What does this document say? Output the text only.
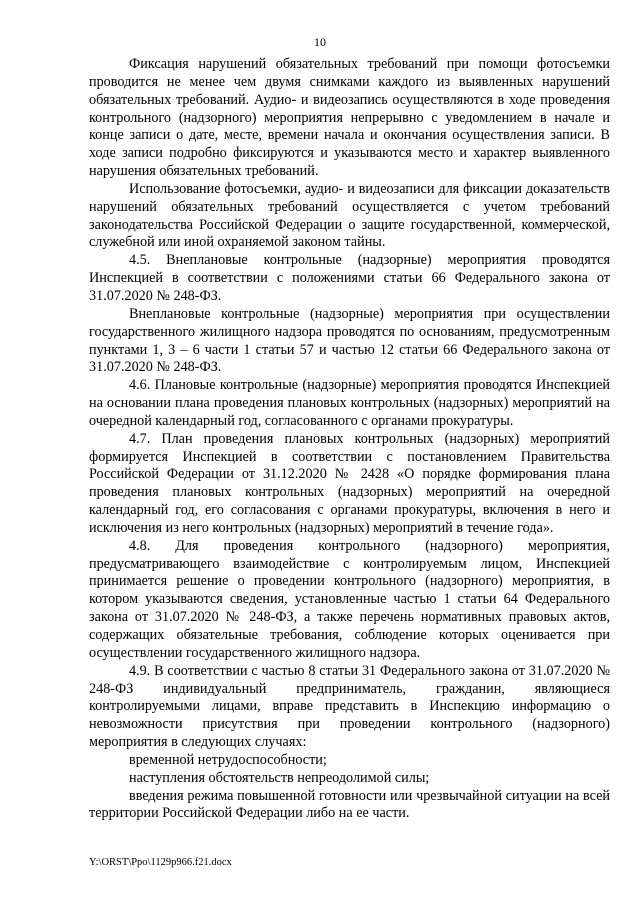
10

Фиксация нарушений обязательных требований при помощи фотосъемки проводится не менее чем двумя снимками каждого из выявленных нарушений обязательных требований. Аудио- и видеозапись осуществляются в ходе проведения контрольного (надзорного) мероприятия непрерывно с уведомлением в начале и конце записи о дате, месте, времени начала и окончания осуществления записи. В ходе записи подробно фиксируются и указываются место и характер выявленного нарушения обязательных требований.

Использование фотосъемки, аудио- и видеозаписи для фиксации доказательств нарушений обязательных требований осуществляется с учетом требований законодательства Российской Федерации о защите государственной, коммерческой, служебной или иной охраняемой законом тайны.

4.5. Внеплановые контрольные (надзорные) мероприятия проводятся Инспекцией в соответствии с положениями статьи 66 Федерального закона от 31.07.2020 № 248-ФЗ.

Внеплановые контрольные (надзорные) мероприятия при осуществлении государственного жилищного надзора проводятся по основаниям, предусмотренным пунктами 1, 3 – 6 части 1 статьи 57 и частью 12 статьи 66 Федерального закона от 31.07.2020 № 248-ФЗ.

4.6. Плановые контрольные (надзорные) мероприятия проводятся Инспекцией на основании плана проведения плановых контрольных (надзорных) мероприятий на очередной календарный год, согласованного с органами прокуратуры.

4.7. План проведения плановых контрольных (надзорных) мероприятий формируется Инспекцией в соответствии с постановлением Правительства Российской Федерации от 31.12.2020 № 2428 «О порядке формирования плана проведения плановых контрольных (надзорных) мероприятий на очередной календарный год, его согласования с органами прокуратуры, включения в него и исключения из него контрольных (надзорных) мероприятий в течение года».

4.8. Для проведения контрольного (надзорного) мероприятия, предусматривающего взаимодействие с контролируемым лицом, Инспекцией принимается решение о проведении контрольного (надзорного) мероприятия, в котором указываются сведения, установленные частью 1 статьи 64 Федерального закона от 31.07.2020 № 248-ФЗ, а также перечень нормативных правовых актов, содержащих обязательные требования, соблюдение которых оценивается при осуществлении государственного жилищного надзора.

4.9. В соответствии с частью 8 статьи 31 Федерального закона от 31.07.2020 № 248-ФЗ индивидуальный предприниматель, гражданин, являющиеся контролируемыми лицами, вправе представить в Инспекцию информацию о невозможности присутствия при проведении контрольного (надзорного) мероприятия в следующих случаях:

временной нетрудоспособности;

наступления обстоятельств непреодолимой силы;

введения режима повышенной готовности или чрезвычайной ситуации на всей территории Российской Федерации либо на ее части.

Y:\ORST\Ppo\1129p966.f21.docx
